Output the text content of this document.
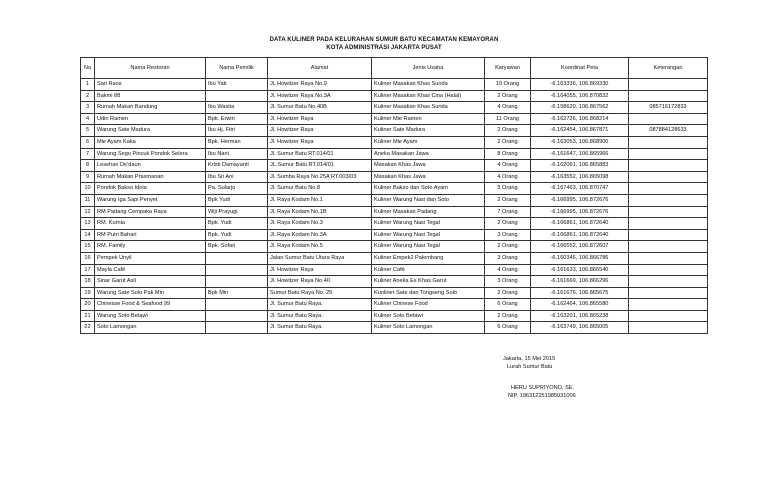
DATA KULINER PADA KELURAHAN SUMUR BATU KECAMATAN KEMAYORAN
KOTA ADMINISTRASI JAKARTA PUSAT
No	Nama Restoran	Nama Pemilik	Alamat	Jenis Usaha	Karyawan	Koordinat Peta	Keterangan
1	Sari Raos	Ibu Yati	Jl. Howitzer Raya No.9	Kuliner Masakan Khas Sunda	10 Orang	-6.163336, 106.869330	
2	Bakmi 88		Jl. Howitzer Raya No.3A	Kuliner Masakan Khas Cina (Halal)	2 Orang	-6.164055, 106.870832	
3	Rumah Makan Bandung	Ibu Wastia	Jl. Sumur Batu No.40B	Kuliner Masakan Khas Sunda	4 Orang	-6.158620, 106.867562	085716172833
4	Udin Ramen	Bpk. Erwin	Jl. Howitzer Raya	Kuliner Mie Ramen	11 Orang	-6.162726, 106.868214	
5	Warung Sate Madura	Ibu Hj. Fitri	Jl. Howitzer Raya	Kuliner Sate Madura	2 Orang	-6.162454, 106.867871	087884128633
6	Mie Ayam Kaka	Bpk. Herman	Jl. Howitzer Raya	Kuliner Mie Ayam	2 Orang	-6.163053, 106.868900	
7	Warung Sego Pincuk Pondok Selera	Ibu Nani	Jl. Sumur Batu RT.014/01	Aneka Masakan Jawa	8 Orang	-6.161647, 106.865966	
8	Lesehan De'daun	Kristi Damayanti	JL.Sumur Batu RT.014/01	Masakan Khas Jawa	4 Orang	-6.162061, 106.865883	
9	Rumah Makan Prasmanan	Ibu Sri Ani	Jl. Sumba Raya No.25A RT.003/03	Masakan Khas Jawa	4 Orang	-6.163552, 106.865098	
10	Pondok Bakso Idola	Pa. Sularjo	Jl. Sumur Batu No.8	Kuliner Bakso dan Soto Ayam	5 Orang	-6.167463, 106.870747	
11	Warung Iga Sapi Penyet	Bpk Yudi	Jl. Raya Kodam No.1	Kuliner Warung Nasi dan Soto	2 Orang	-6.166995, 106.872676	
12	RM Padang Cempaka Raya	Wiji Prayugi	Jl. Raya Kodam No.1B	Kuliner Masakan Padang	7 Orang	-6.166995, 106.872676	
13	RM. Kurnia	Bpk. Yudi	Jl. Raya Kodam No.3	Kuliner Warung Nasi Tegal	2 Orang	-6.166861, 106.872640	
14	RM Putri Bahari	Bpk. Yudi	Jl. Raya Kodam No.3A	Kuliner Warung Nasi Tegal	3 Orang	-6.166861, 106.872640	
15	RM. Family	Bpk. Sofari	Jl. Raya Kodam No.5	Kuliner Warung Nasi Tegal	2 Orang	-6.166552, 106.872607	
16	Pempek Unyil		Jalan Sumur Batu Utara Raya	Kuliner Empek2 Palembang	3 Orang	-6.160346, 106.866786	
17	Mayla Café		Jl. Howitzer Raya	Kuliner Café	4 Orang	-6.161633, 106.866540	
18	Sinar Garut Asli		Jl. Howitzer Raya No.40	Kuliner Aneka Es Khas Garut	3 Orang	-6.161669, 106.866296	
19	Warung Sate Solo Pak Min	Bpk Min	Sumur Batu Raya No. 25	Kunliner Sate dan Tongseng Solo	2 Orang	-6.161676, 106.865675	
20	Chinesse Food & Seafood 99		Jl. Sumur Batu Raya.	Kuliner Chinese Food	6 Orang	-6.162464, 106.865580	
21	Warung Soto Betawi		Jl. Sumur Batu Raya.	Kuliner Soto Betawi	2 Orang	-6.163201, 106.865238	
22	Soto Lamongan		Jl. Sumur Batu Raya.	Kuliner Soto Lamongan	6 Orang	-6.163749, 106.865005	
Jakarta, 15 Mei 2015
Lurah Sumur Batu
HERU SUPRIYONO, SE.
NIP. 196312251985031006
